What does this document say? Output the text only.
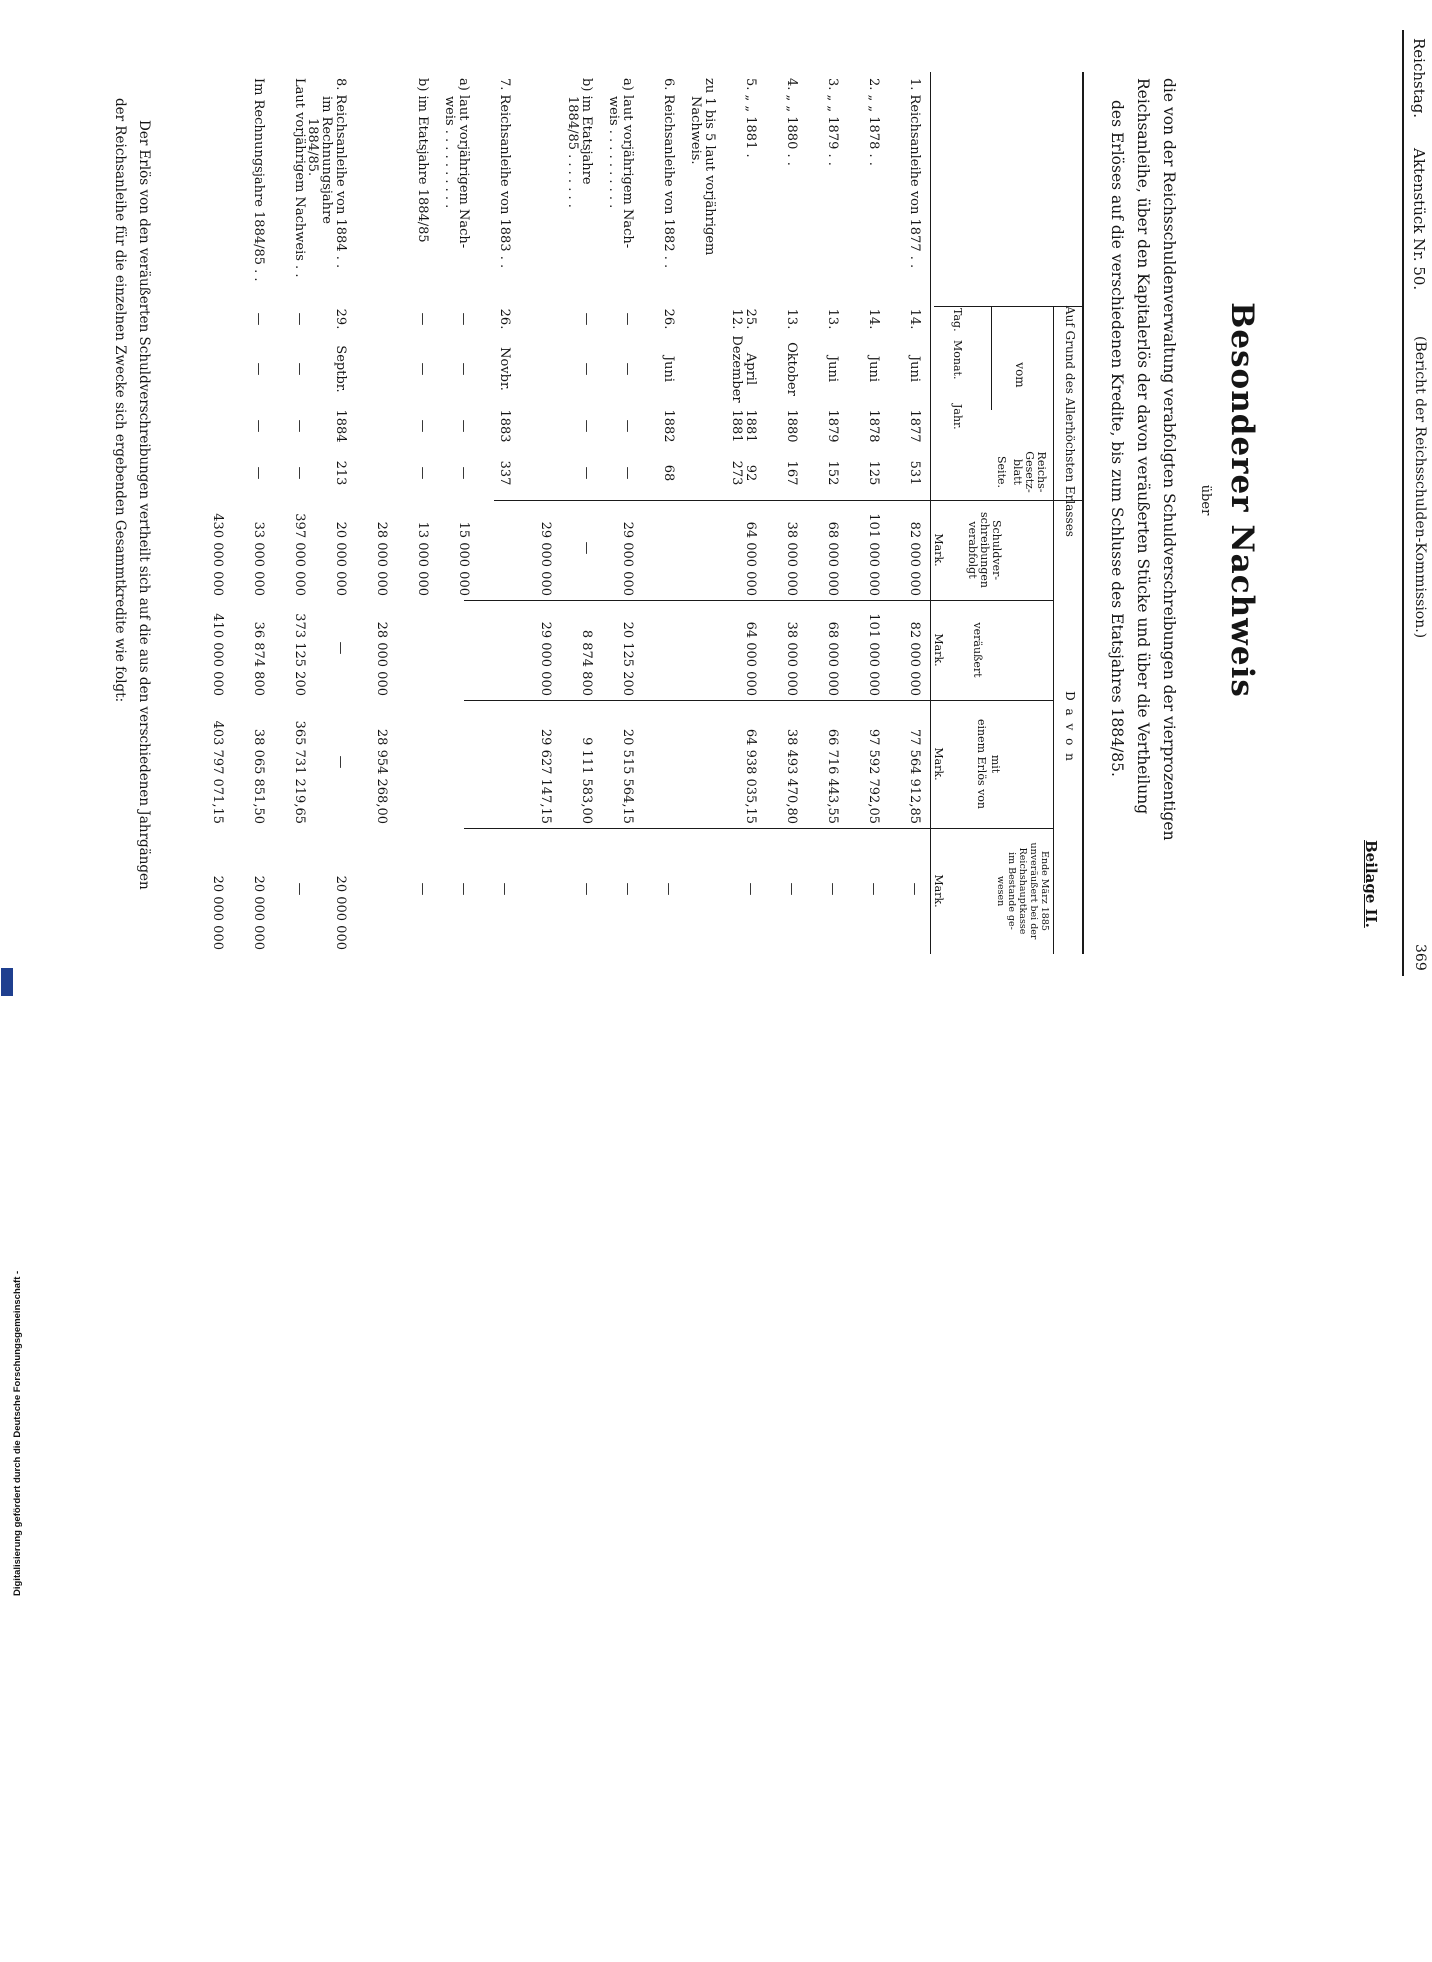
Reichstag.
Aktenstück Nr. 50.
(Bericht der Reichsschulden-Kommission.)
369
Beilage II.
Besonderer Nachweis
über
die von der Reichsschuldenverwaltung verabfolgten Schuldverschreibungen der vierprozentigen
Reichsanleihe, über den Kapitalerlös der davon veräußerten Stücke und über die Vertheilung
des Erlöses auf die verschiedenen Kredite, bis zum Schlusse des Etatsjahres 1884/85.
Auf Grund des Allerhöchsten Erlasses
vom
Tag.
Monat.
Jahr.
Reichs-
Gesetz-
blatt
Seite.
Schuldver-
schreibungen
verabfolgt
D a v o n
veräußert
mit
einem Erlös von
Ende März 1885
unveräußert bei der
Reichshauptkasse
im Bestande ge-
wesen
Mark.
Mark.
Mark.
Mark.
1. Reichsanleihe von 1877 . .
14.
Juni
1877
531
82 000 000
82 000 000
77 564 912,85
—
2. „ „ 1878 . .
14.
Juni
1878
125
101 000 000
101 000 000
97 592 792,05
—
3. „ „ 1879 . .
13.
Juni
1879
152
68 000 000
68 000 000
66 716 443,55
—
4. „ „ 1880 . .
13.
Oktober
1880
167
38 000 000
38 000 000
38 493 470,80
—
5. „ „ 1881 .
25.
12.
April
Dezember
1881
1881
92
273
64 000 000
64 000 000
64 938 035,15
—
zu 1 bis 5 laut vorjährigem
Nachweis.
6. Reichsanleihe von 1882 . .
26.
Juni
1882
68
—
a) laut vorjährigem Nach-
weis . . . . . . . . . .
—
—
—
—
29 000 000
20 125 200
20 515 564,15
—
b) im Etatsjahre
1884/85 . . . . . . .
—
—
—
—
—
8 874 800
9 111 583,00
—
29 000 000
29 000 000
29 627 147,15
7. Reichsanleihe von 1883 . .
26.
Novbr.
1883
337
—
a) laut vorjährigem Nach-
weis . . . . . . . . . .
—
—
—
—
15 000 000
—
b) im Etatsjahre 1884/85
—
—
—
—
13 000 000
—
28 000 000
28 000 000
28 954 268,00
8. Reichsanleihe von 1884 . .
im Rechnungsjahre
1884/85.
29.
Septbr.
1884
213
20 000 000
—
—
20 000 000
Laut vorjährigem Nachweis . .
—
—
—
—
397 000 000
373 125 200
365 731 219,65
—
Im Rechnungsjahre 1884/85 . .
—
—
—
—
33 000 000
36 874 800
38 065 851,50
20 000 000
430 000 000
410 000 000
403 797 071,15
20 000 000
Der Erlös von den veräußerten Schuldverschreibungen vertheilt sich auf die aus den verschiedenen Jahrgängen
der Reichsanleihe für die einzelnen Zwecke sich ergebenden Gesammtkredite wie folgt:
Digitalisierung gefördert durch die Deutsche Forschungsgemeinschaft -
DFG
